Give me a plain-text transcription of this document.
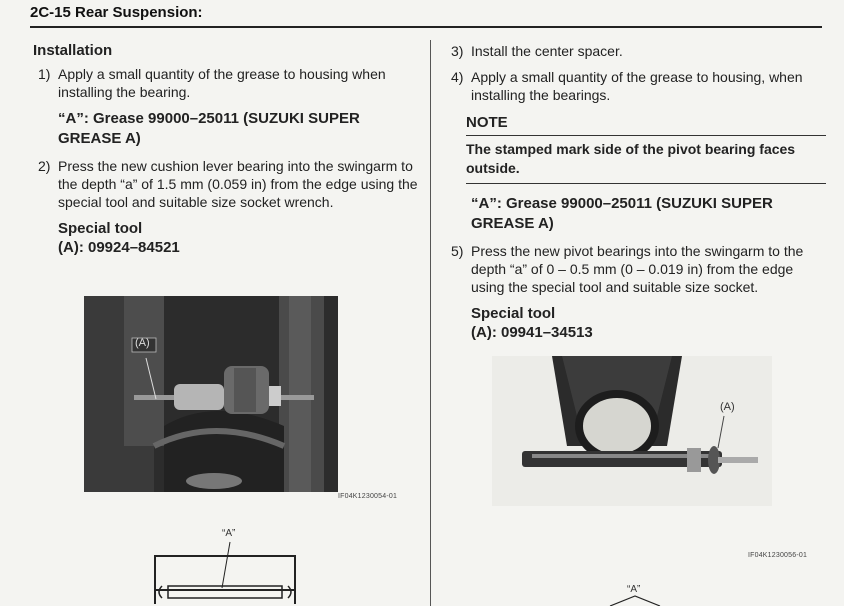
2C-15 Rear Suspension:
Installation
1) Apply a small quantity of the grease to housing when installing the bearing.
“A”: Grease 99000–25011 (SUZUKI SUPER
GREASE A)
2) Press the new cushion lever bearing into the swingarm to the depth “a” of 1.5 mm (0.059 in) from the edge using the special tool and suitable size socket wrench.
Special tool
(A): 09924–84521
(A)
IF04K1230054-01
“A”
3) Install the center spacer.
4) Apply a small quantity of the grease to housing, when installing the bearings.
NOTE
The stamped mark side of the pivot bearing faces outside.
“A”: Grease 99000–25011 (SUZUKI SUPER
GREASE A)
5) Press the new pivot bearings into the swingarm to the depth “a” of 0 – 0.5 mm (0 – 0.019 in) from the edge using the special tool and suitable size socket.
Special tool
(A): 09941–34513
(A)
IF04K1230056-01
“A”
